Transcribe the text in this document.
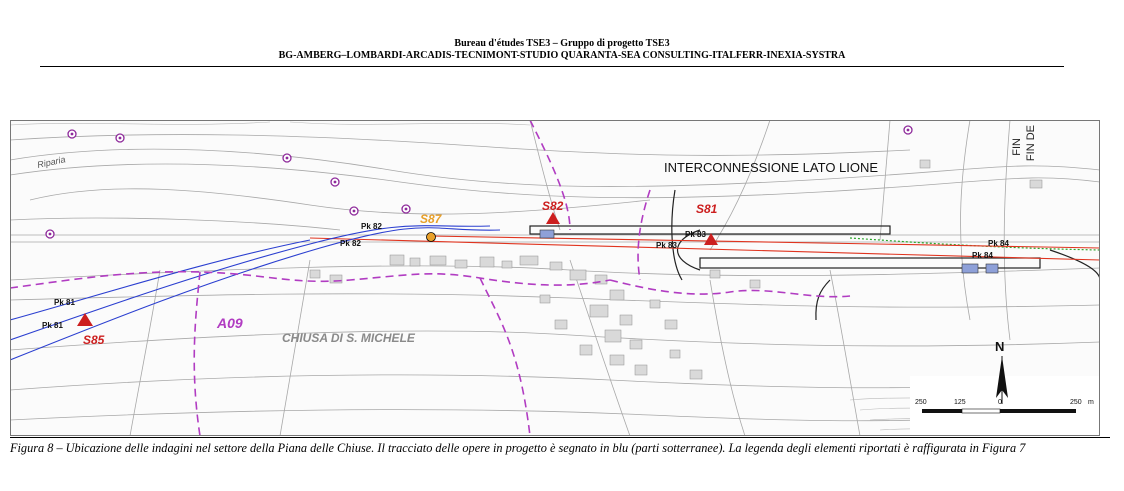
Bureau d'études TSE3 – Gruppo di progetto TSE3
BG-AMBERG–LOMBARDI-ARCADIS-TECNIMONT-STUDIO QUARANTA-SEA CONSULTING-ITALFERR-INEXIA-SYSTRA
INTERCONNESSIONE LATO LIONE
CHIUSA DI S. MICHELE
Riparia
FIN FIN DE
S87
S82	S81
S85
A09
Pk 82
Pk 82
Pk 83
Pk 83	Pk 84
Pk 84
Pk 81
Pk 81
N
250	125	0	250 m
Figura 8 – Ubicazione delle indagini nel settore della Piana delle Chiuse. Il tracciato delle opere in progetto è segnato in blu (parti sotterranee). La legenda degli elementi riportati è raffigurata in Figura 7
